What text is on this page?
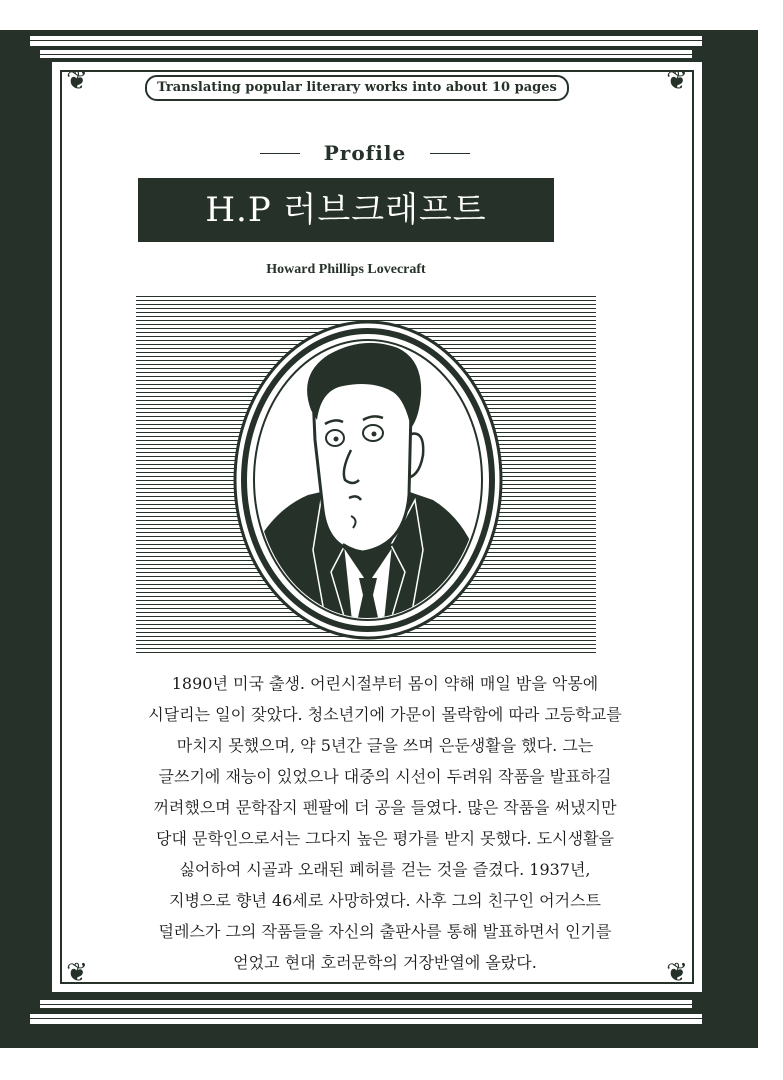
❦	❦
❦	❦
Translating popular literary works into about 10 pages
Profile
H.P 러브크래프트
Howard Phillips Lovecraft
1890년 미국 출생. 어린시절부터 몸이 약해 매일 밤을 악몽에
시달리는 일이 잦았다. 청소년기에 가문이 몰락함에 따라 고등학교를
마치지 못했으며, 약 5년간 글을 쓰며 은둔생활을 했다. 그는
글쓰기에 재능이 있었으나 대중의 시선이 두려워 작품을 발표하길
꺼려했으며 문학잡지 펜팔에 더 공을 들였다. 많은 작품을 써냈지만
당대 문학인으로서는 그다지 높은 평가를 받지 못했다. 도시생활을
싫어하여 시골과 오래된 폐허를 걷는 것을 즐겼다. 1937년,
지병으로 향년 46세로 사망하였다. 사후 그의 친구인 어거스트
덜레스가 그의 작품들을 자신의 출판사를 통해 발표하면서 인기를
얻었고 현대 호러문학의 거장반열에 올랐다.
